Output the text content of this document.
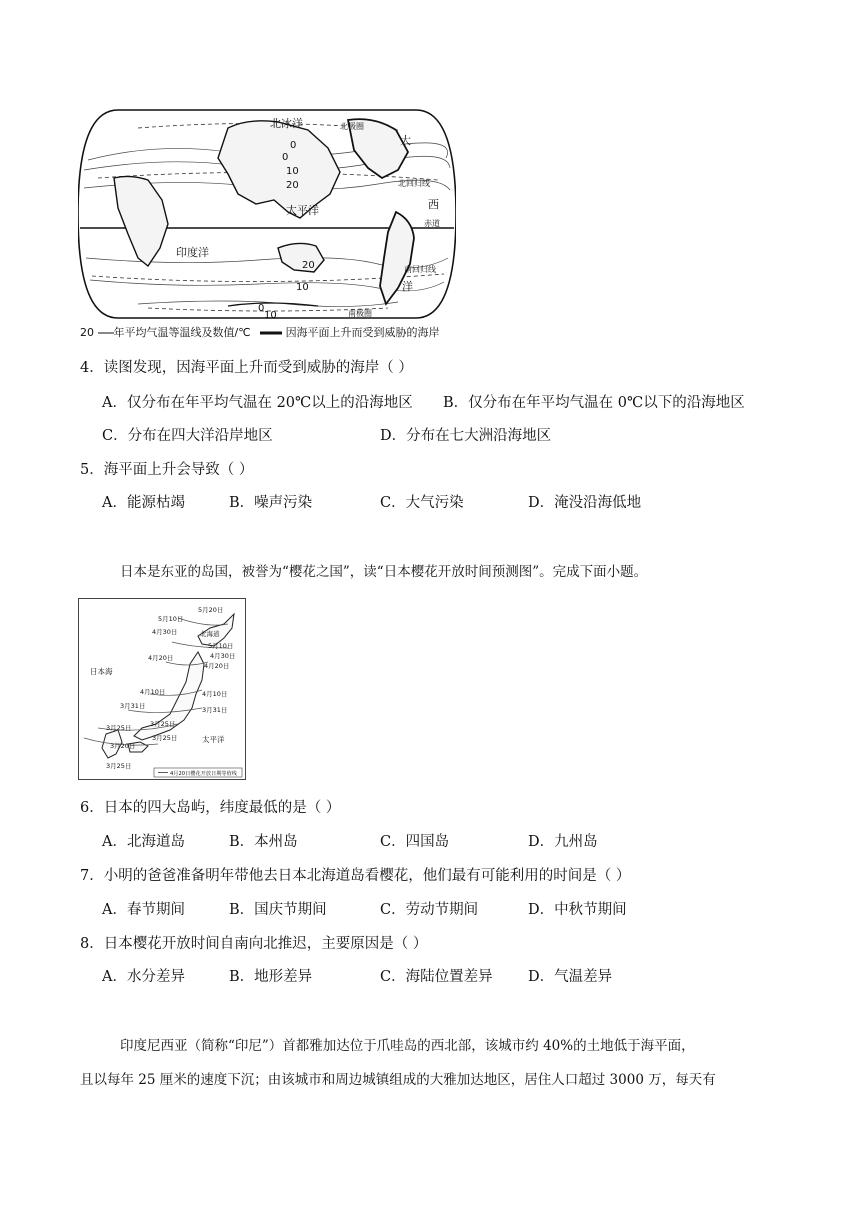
北冰洋	北极圈
大
0
0
10
20	北回归线
西
太平洋
赤道
印度洋
20	南回归线
10	洋
0
10	南极圈
20 年平均气温等温线及数值/℃	因海平面上升而受到威胁的海岸
4．读图发现，因海平面上升而受到威胁的海岸（ ）
A．仅分布在年平均气温在 20℃以上的沿海地区 B．仅分布在年平均气温在 0℃以下的沿海地区
C．分布在四大洋沿岸地区	D．分布在七大洲沿海地区
5．海平面上升会导致（ ）
A．能源枯竭	B．噪声污染	C．大气污染	D．淹没沿海低地
日本是东亚的岛国，被誉为“樱花之国”，读“日本樱花开放时间预测图”。完成下面小题。
5月20日
5月10日
北海道
4月30日
5月10日
4月30日
4月20日
4月20日
日本海
4月10日	4月10日
3月31日	3月31日
3月25日
3月25日
3月20日
3月25日	太平洋
3月25日
4月20日樱花开放日期等值线
6．日本的四大岛屿，纬度最低的是（ ）
A．北海道岛	B．本州岛	C．四国岛	D．九州岛
7．小明的爸爸准备明年带他去日本北海道岛看樱花，他们最有可能利用的时间是（ ）
A．春节期间	B．国庆节期间	C．劳动节期间	D．中秋节期间
8．日本樱花开放时间自南向北推迟，主要原因是（ ）
A．水分差异	B．地形差异	C．海陆位置差异 D．气温差异
印度尼西亚（简称“印尼”）首都雅加达位于爪哇岛的西北部，该城市约 40%的土地低于海平面，
且以每年 25 厘米的速度下沉；由该城市和周边城镇组成的大雅加达地区，居住人口超过 3000 万，每天有
